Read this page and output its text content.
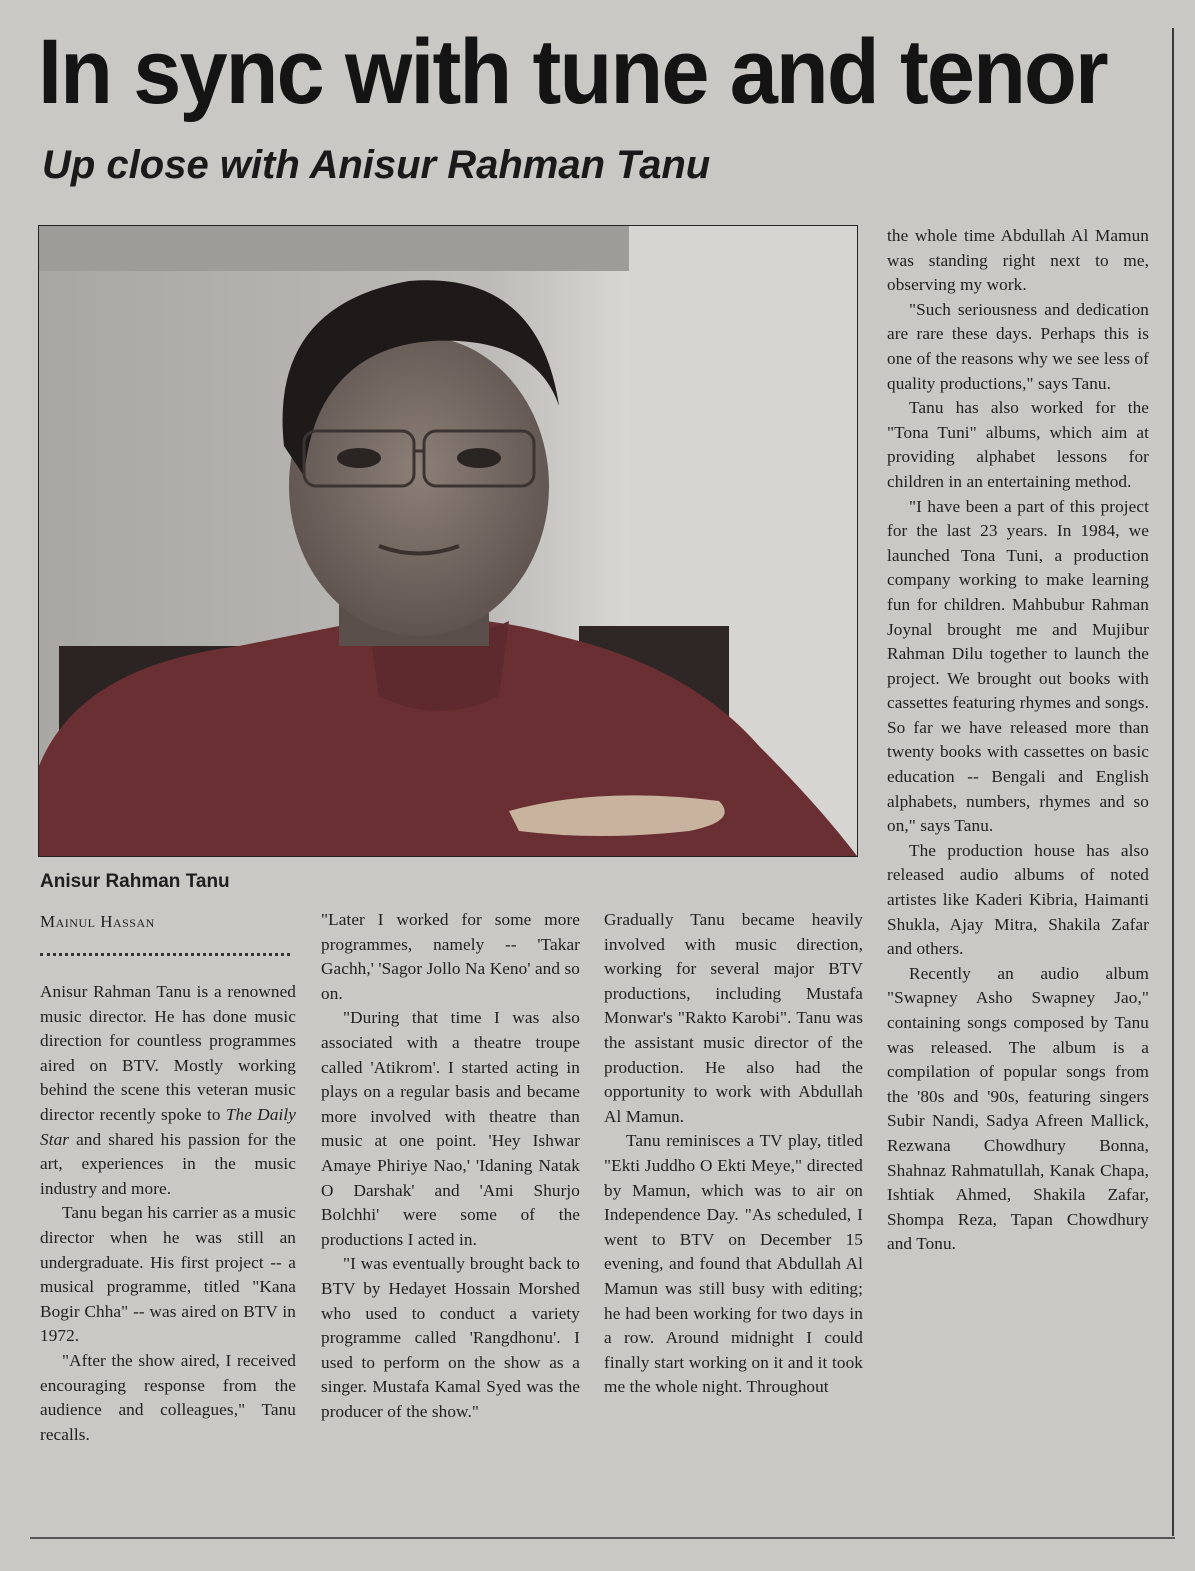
In sync with tune and tenor
Up close with Anisur Rahman Tanu
Anisur Rahman Tanu
Mainul Hassan

Anisur Rahman Tanu is a renowned music director. He has done music direction for countless programmes aired on BTV. Mostly working behind the scene this veteran music director recently spoke to The Daily Star and shared his passion for the art, experiences in the music industry and more.

Tanu began his carrier as a music director when he was still an undergraduate. His first project -- a musical programme, titled "Kana Bogir Chha" -- was aired on BTV in 1972.

"After the show aired, I received encouraging response from the audience and colleagues," Tanu recalls.

"Later I worked for some more programmes, namely -- 'Takar Gachh,' 'Sagor Jollo Na Keno' and so on.

"During that time I was also associated with a theatre troupe called 'Atikrom'. I started acting in plays on a regular basis and became more involved with theatre than music at one point. 'Hey Ishwar Amaye Phiriye Nao,' 'Idaning Natak O Darshak' and 'Ami Shurjo Bolchhi' were some of the productions I acted in.

"I was eventually brought back to BTV by Hedayet Hossain Morshed who used to conduct a variety programme called 'Rangdhonu'. I used to perform on the show as a singer. Mustafa Kamal Syed was the producer of the show."

Gradually Tanu became heavily involved with music direction, working for several major BTV productions, including Mustafa Monwar's "Rakto Karobi". Tanu was the assistant music director of the production. He also had the opportunity to work with Abdullah Al Mamun.

Tanu reminisces a TV play, titled "Ekti Juddho O Ekti Meye," directed by Mamun, which was to air on Independence Day. "As scheduled, I went to BTV on December 15 evening, and found that Abdullah Al Mamun was still busy with editing; he had been working for two days in a row. Around midnight I could finally start working on it and it took me the whole night. Throughout

the whole time Abdullah Al Mamun was standing right next to me, observing my work.

"Such seriousness and dedication are rare these days. Perhaps this is one of the reasons why we see less of quality productions," says Tanu.

Tanu has also worked for the "Tona Tuni" albums, which aim at providing alphabet lessons for children in an entertaining method.

"I have been a part of this project for the last 23 years. In 1984, we launched Tona Tuni, a production company working to make learning fun for children. Mahbubur Rahman Joynal brought me and Mujibur Rahman Dilu together to launch the project. We brought out books with cassettes featuring rhymes and songs. So far we have released more than twenty books with cassettes on basic education -- Bengali and English alphabets, numbers, rhymes and so on," says Tanu.

The production house has also released audio albums of noted artistes like Kaderi Kibria, Haimanti Shukla, Ajay Mitra, Shakila Zafar and others.

Recently an audio album "Swapney Asho Swapney Jao," containing songs composed by Tanu was released. The album is a compilation of popular songs from the '80s and '90s, featuring singers Subir Nandi, Sadya Afreen Mallick, Rezwana Chowdhury Bonna, Shahnaz Rahmatullah, Kanak Chapa, Ishtiak Ahmed, Shakila Zafar, Shompa Reza, Tapan Chowdhury and Tonu.
